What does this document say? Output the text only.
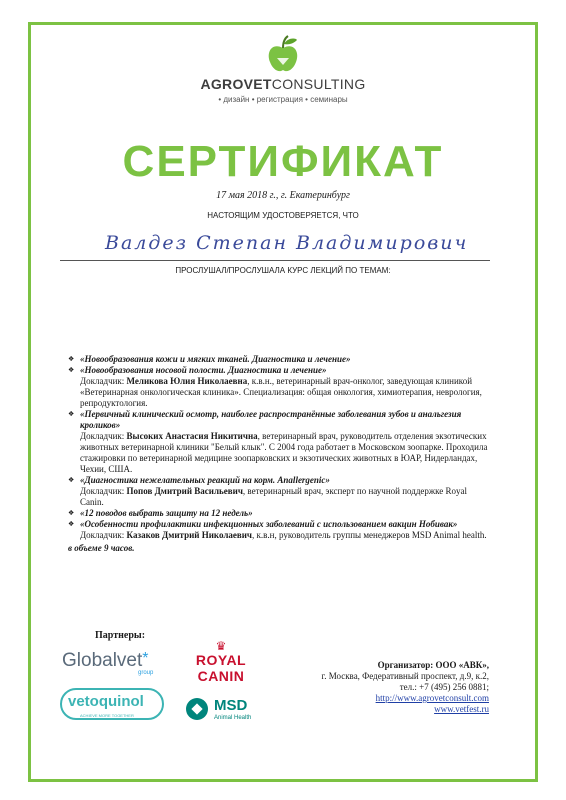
AGROVETCONSULTING
• дизайн • регистрация • семинары
СЕРТИФИКАТ
17 мая 2018 г., г. Екатеринбург
НАСТОЯЩИМ УДОСТОВЕРЯЕТСЯ, ЧТО
Валдез Степан Владимирович
ПРОСЛУШАЛ/ПРОСЛУШАЛА КУРС ЛЕКЦИЙ ПО ТЕМАМ:

❖ «Новообразования кожи и мягких тканей. Диагностика и лечение»

❖ «Новообразования носовой полости. Диагностика и лечение»

Докладчик: Меликова Юлия Николаевна, к.в.н., ветеринарный врач-онколог, заведующая клиникой «Ветеринарная онкологическая клиника». Специализация: общая онкология, химиотерапия, неврология, репродуктология.

❖ «Первичный клинический осмотр, наиболее распространённые заболевания зубов и анальгезия кроликов»

Докладчик: Высоких Анастасия Никитична, ветеринарный врач, руководитель отделения экзотических животных ветеринарной клиники "Белый клык". С 2004 года работает в Московском зоопарке. Проходила стажировки по ветеринарной медицине зоопарковских и экзотических животных в ЮАР, Нидерландах, Чехии, США.

❖ «Диагностика нежелательных реакций на корм. Anallergenic»

Докладчик: Попов Дмитрий Васильевич, ветеринарный врач, эксперт по научной поддержке Royal Canin.

❖ «12 поводов выбрать защиту на 12 недель»

❖ «Особенности профилактики инфекционных заболеваний с использованием вакцин Нобивак»

Докладчик: Казаков Дмитрий Николаевич, к.в.н, руководитель группы менеджеров MSD Animal health.

в объеме 9 часов.

Партнеры:
Globalvet*
group
♛
ROYAL CANIN
vetoquinol
ACHIEVE MORE TOGETHER
MSD
Animal Health
Организатор: ООО «АВК»,
г. Москва, Федеративный проспект, д.9, к.2,
тел.: +7 (495) 256 0881;
http://www.agrovetconsult.com
www.vetfest.ru
